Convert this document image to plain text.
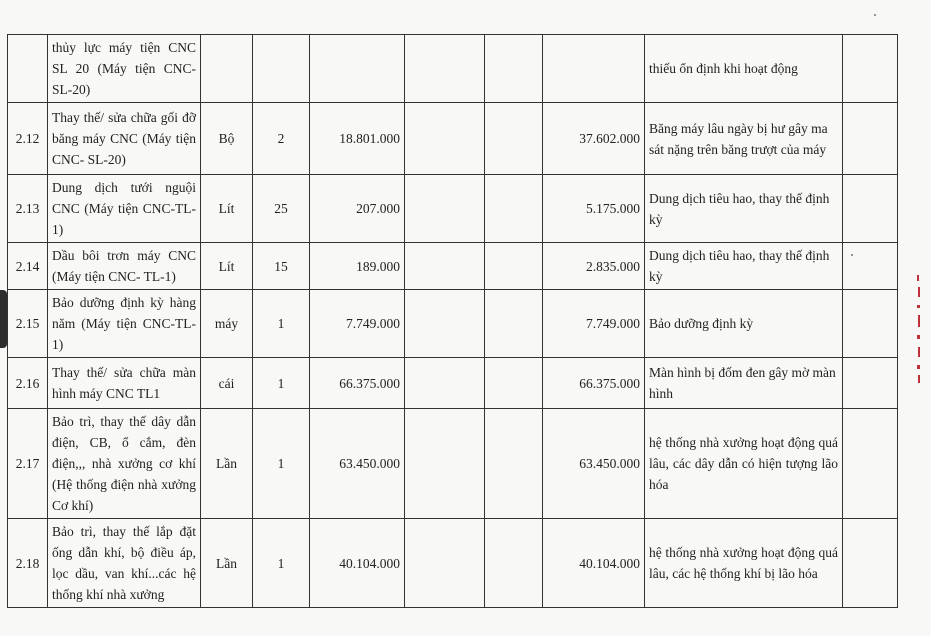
	thủy lực máy tiện CNC SL 20 (Máy tiện CNC-SL-20)							thiếu ổn định khi hoạt động	
2.12	Thay thế/ sửa chữa gối đỡ băng máy CNC (Máy tiện CNC- SL-20)	Bộ	2	18.801.000			37.602.000	Băng máy lâu ngày bị hư gây ma sát nặng trên băng trượt của máy	
2.13	Dung dịch tưới nguội CNC (Máy tiện CNC-TL-1)	Lít	25	207.000			5.175.000	Dung dịch tiêu hao, thay thế định kỳ	
2.14	Dầu bôi trơn máy CNC (Máy tiện CNC- TL-1)	Lít	15	189.000			2.835.000	Dung dịch tiêu hao, thay thế định kỳ	
2.15	Bảo dưỡng định kỳ hàng năm (Máy tiện CNC-TL-1)	máy	1	7.749.000			7.749.000	Bảo dưỡng định kỳ	
2.16	Thay thế/ sửa chữa màn hình máy CNC TL1	cái	1	66.375.000			66.375.000	Màn hình bị đốm đen gây mờ màn hình	
2.17	Bảo trì, thay thế dây dẫn điện, CB, ổ cắm, đèn điện,,, nhà xưởng cơ khí (Hệ thống điện nhà xưởng Cơ khí)	Lần	1	63.450.000			63.450.000	hệ thống nhà xưởng hoạt động quá lâu, các dây dẫn có hiện tượng lão hóa	
2.18	Bảo trì, thay thế lắp đặt ống dẫn khí, bộ điều áp, lọc dầu, van khí...các hệ thống khí nhà xưởng	Lần	1	40.104.000			40.104.000	hệ thống nhà xưởng hoạt động quá lâu, các hệ thống khí bị lão hóa	
